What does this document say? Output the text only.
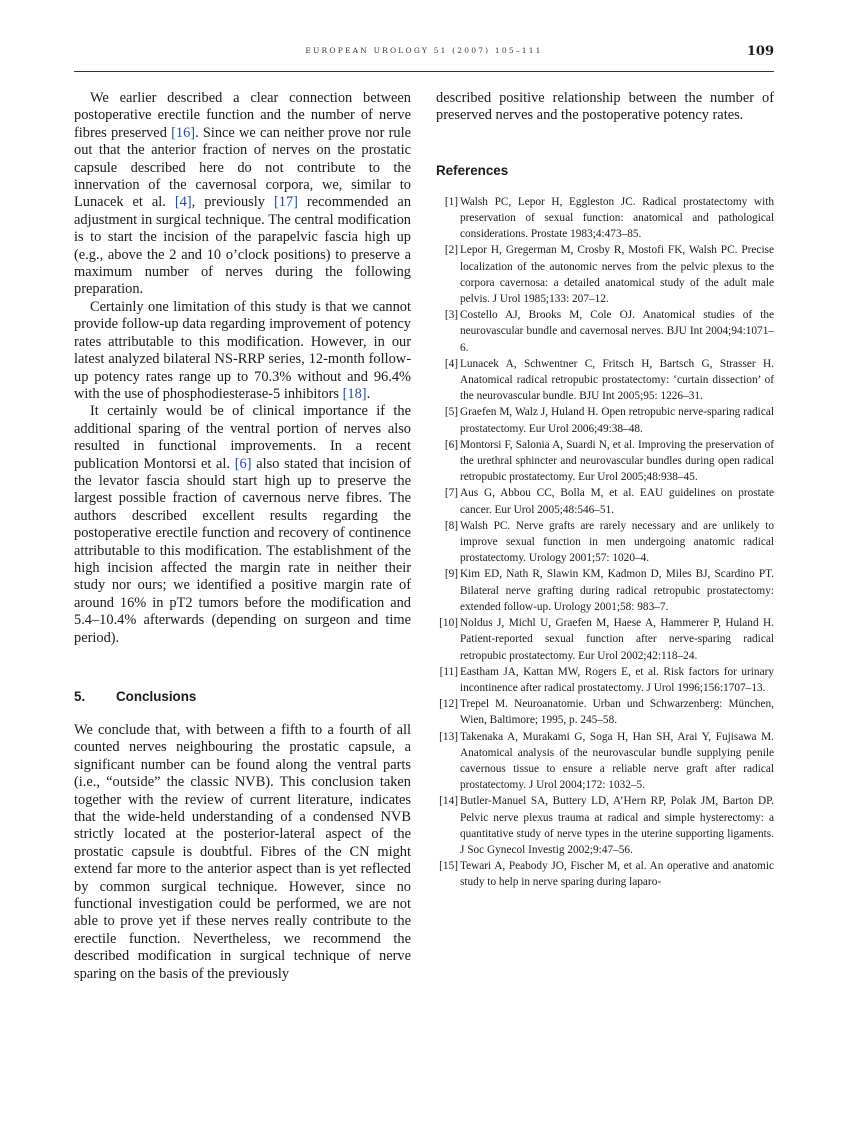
EUROPEAN UROLOGY 51 (2007) 105–111	109

We earlier described a clear connection between postoperative erectile function and the number of nerve fibres preserved [16]. Since we can neither prove nor rule out that the anterior fraction of nerves on the prostatic capsule described here do not contribute to the innervation of the cavernosal corpora, we, similar to Lunacek et al. [4], previously [17] recommended an adjustment in surgical technique. The central modification is to start the incision of the parapelvic fascia high up (e.g., above the 2 and 10 o’clock positions) to preserve a maximum number of nerves during the following preparation.

Certainly one limitation of this study is that we cannot provide follow-up data regarding improvement of potency rates attributable to this modification. However, in our latest analyzed bilateral NS-RRP series, 12-month follow-up potency rates range up to 70.3% without and 96.4% with the use of phosphodiesterase-5 inhibitors [18].

It certainly would be of clinical importance if the additional sparing of the ventral portion of nerves also resulted in functional improvements. In a recent publication Montorsi et al. [6] also stated that incision of the levator fascia should start high up to preserve the largest possible fraction of cavernous nerve fibres. The authors described excellent results regarding the postoperative erectile function and recovery of continence attributable to this modification. The establishment of the high incision affected the margin rate in neither their study nor ours; we identified a positive margin rate of around 16% in pT2 tumors before the modification and 5.4–10.4% afterwards (depending on surgeon and time period).

5. Conclusions

We conclude that, with between a fifth to a fourth of all counted nerves neighbouring the prostatic capsule, a significant number can be found along the ventral parts (i.e., “outside” the classic NVB). This conclusion taken together with the review of current literature, indicates that the wide-held understanding of a condensed NVB strictly located at the posterior-lateral aspect of the prostatic capsule is doubtful. Fibres of the CN might extend far more to the anterior aspect than is yet reflected by common surgical technique. However, since no functional investigation could be performed, we are not able to prove yet if these nerves really contribute to the erectile function. Nevertheless, we recommend the described modification in surgical technique of nerve sparing on the basis of the previously

described positive relationship between the number of preserved nerves and the postoperative potency rates.

References

[1] Walsh PC, Lepor H, Eggleston JC. Radical prostatectomy with preservation of sexual function: anatomical and pathological considerations. Prostate 1983;4:473–85.

[2] Lepor H, Gregerman M, Crosby R, Mostofi FK, Walsh PC. Precise localization of the autonomic nerves from the pelvic plexus to the corpora cavernosa: a detailed anatomical study of the adult male pelvis. J Urol 1985;133: 207–12.

[3] Costello AJ, Brooks M, Cole OJ. Anatomical studies of the neurovascular bundle and cavernosal nerves. BJU Int 2004;94:1071–6.

[4] Lunacek A, Schwentner C, Fritsch H, Bartsch G, Strasser H. Anatomical radical retropubic prostatectomy: ‘curtain dissection’ of the neurovascular bundle. BJU Int 2005;95: 1226–31.

[5] Graefen M, Walz J, Huland H. Open retropubic nerve-sparing radical prostatectomy. Eur Urol 2006;49:38–48.

[6] Montorsi F, Salonia A, Suardi N, et al. Improving the preservation of the urethral sphincter and neurovascular bundles during open radical retropubic prostatectomy. Eur Urol 2005;48:938–45.

[7] Aus G, Abbou CC, Bolla M, et al. EAU guidelines on prostate cancer. Eur Urol 2005;48:546–51.

[8] Walsh PC. Nerve grafts are rarely necessary and are unlikely to improve sexual function in men undergoing anatomic radical prostatectomy. Urology 2001;57: 1020–4.

[9] Kim ED, Nath R, Slawin KM, Kadmon D, Miles BJ, Scardino PT. Bilateral nerve grafting during radical retropubic prostatectomy: extended follow-up. Urology 2001;58: 983–7.

[10] Noldus J, Michl U, Graefen M, Haese A, Hammerer P, Huland H. Patient-reported sexual function after nerve-sparing radical retropubic prostatectomy. Eur Urol 2002;42:118–24.

[11] Eastham JA, Kattan MW, Rogers E, et al. Risk factors for urinary incontinence after radical prostatectomy. J Urol 1996;156:1707–13.

[12] Trepel M. Neuroanatomie. Urban und Schwarzenberg: München, Wien, Baltimore; 1995, p. 245–58.

[13] Takenaka A, Murakami G, Soga H, Han SH, Arai Y, Fujisawa M. Anatomical analysis of the neurovascular bundle supplying penile cavernous tissue to ensure a reliable nerve graft after radical prostatectomy. J Urol 2004;172: 1032–5.

[14] Butler-Manuel SA, Buttery LD, A’Hern RP, Polak JM, Barton DP. Pelvic nerve plexus trauma at radical and simple hysterectomy: a quantitative study of nerve types in the uterine supporting ligaments. J Soc Gynecol Investig 2002;9:47–56.

[15] Tewari A, Peabody JO, Fischer M, et al. An operative and anatomic study to help in nerve sparing during laparo-
